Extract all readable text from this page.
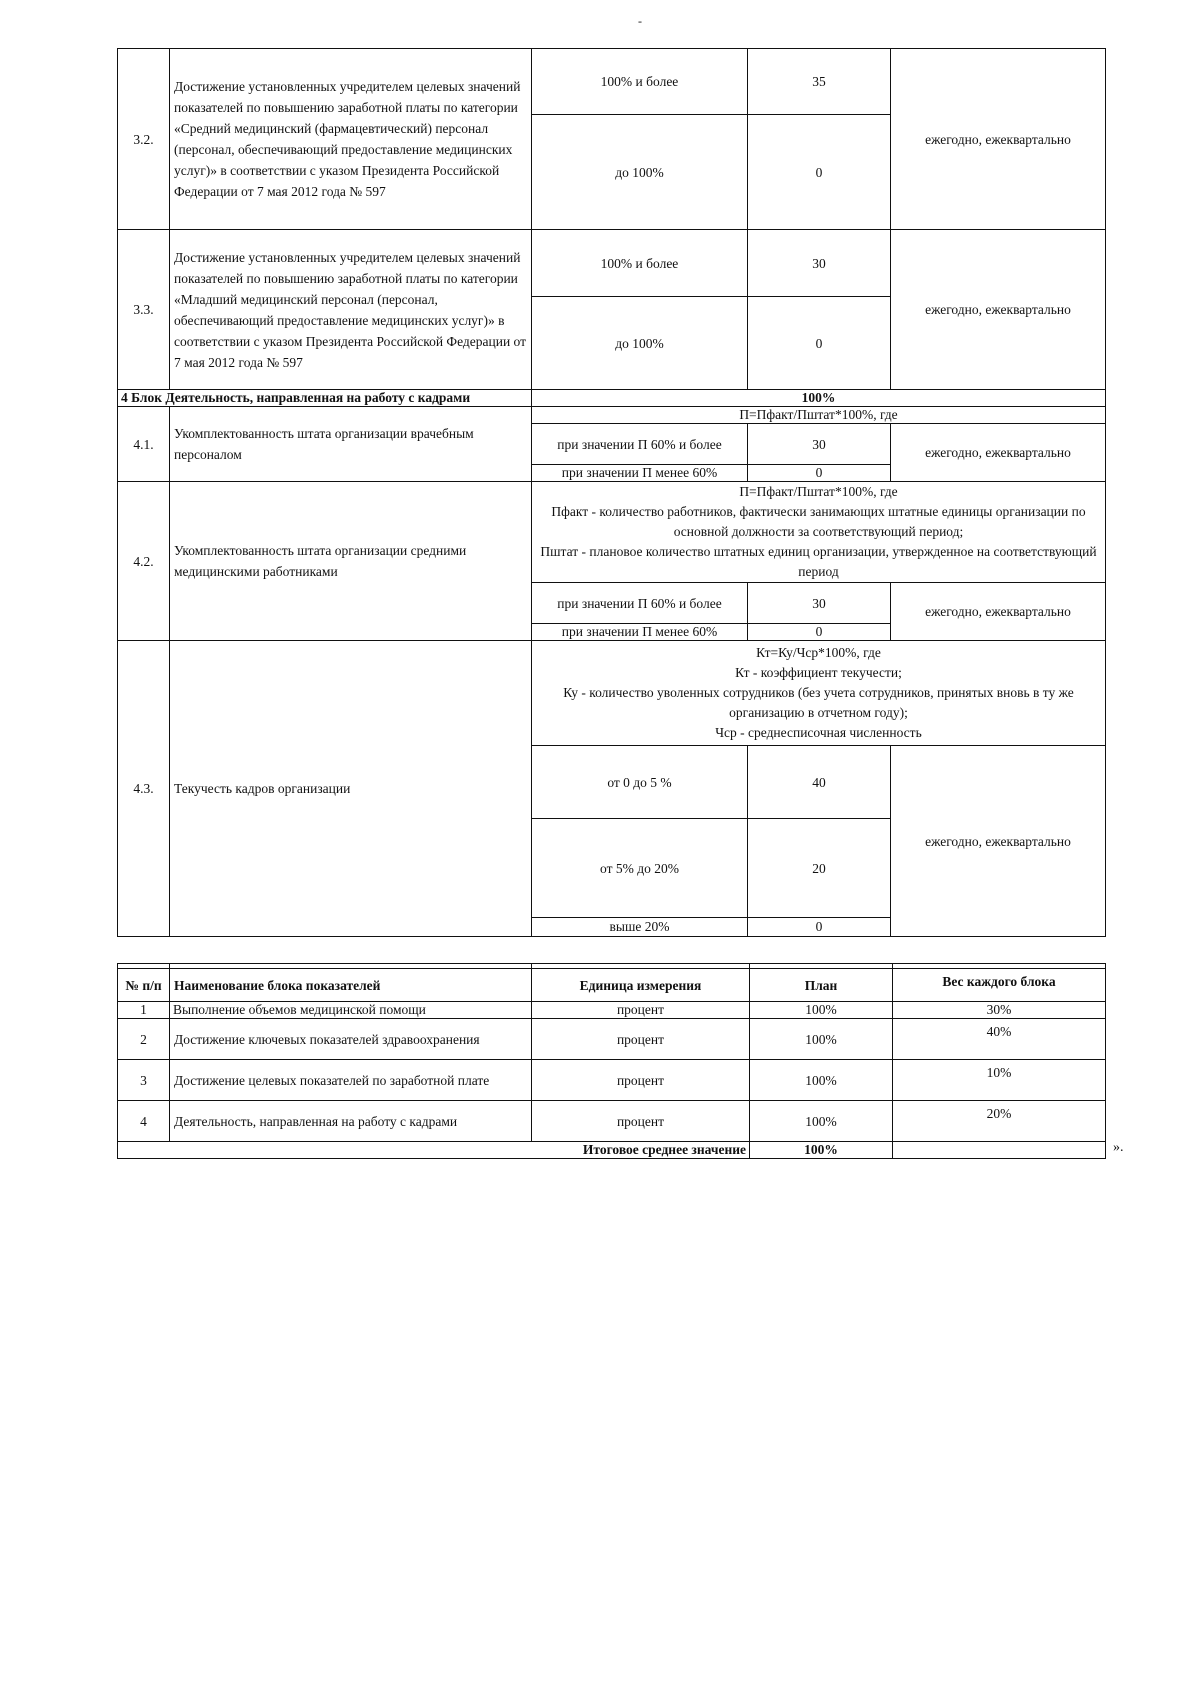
-
3.2.	Достижение установленных учредителем целевых значений показателей по повышению заработной платы по категории «Средний медицинский (фармацевтический) персонал (персонал, обеспечивающий предоставление медицинских услуг)» в соответствии с указом Президента Российской Федерации от 7 мая 2012 года № 597	100% и более	35	ежегодно, ежеквартально
		до 100%	0	
3.3.	Достижение установленных учредителем целевых значений показателей по повышению заработной платы по категории «Младший медицинский персонал (персонал, обеспечивающий предоставление медицинских услуг)» в соответствии с указом Президента Российской Федерации от 7 мая 2012 года № 597	100% и более	30	ежегодно, ежеквартально
		до 100%	0	
4 Блок Деятельность, направленная на работу с кадрами		100%		
4.1.	Укомплектованность штата организации врачебным персоналом	П=Пфакт/Пштат*100%, где		
		при значении П 60% и более	30	ежегодно, ежеквартально
		при значении П менее 60%	0	
4.2.	Укомплектованность штата организации средними медицинскими работниками	П=Пфакт/Пштат*100%, где
Пфакт - количество работников, фактически занимающих штатные единицы организации по основной должности за соответствующий период;
Пштат - плановое количество штатных единиц организации, утвержденное на соответствующий период		

		при значении П 60% и более	30	ежегодно, ежеквартально
		при значении П менее 60%	0	
4.3.	Текучесть кадров организации	Кт=Ку/Чср*100%, где
Кт - коэффициент текучести;
Ку - количество уволенных сотрудников (без учета сотрудников, принятых вновь в ту же организацию в отчетном году);
Чср - среднесписочная численность		

		от 0 до 5 %	40	ежегодно, ежеквартально
		от 5% до 20%	20	
		выше 20%	0	

№ п/п	Наименование блока показателей	Единица измерения	План	Вес каждого блока
1	Выполнение объемов медицинской помощи	процент	100%	30%
2	Достижение ключевых показателей здравоохранения	процент	100%	40%
3	Достижение целевых показателей по заработной плате	процент	100%	10%
4	Деятельность, направленная на работу с кадрами	процент	100%	20%
Итоговое среднее значение			100%		».
